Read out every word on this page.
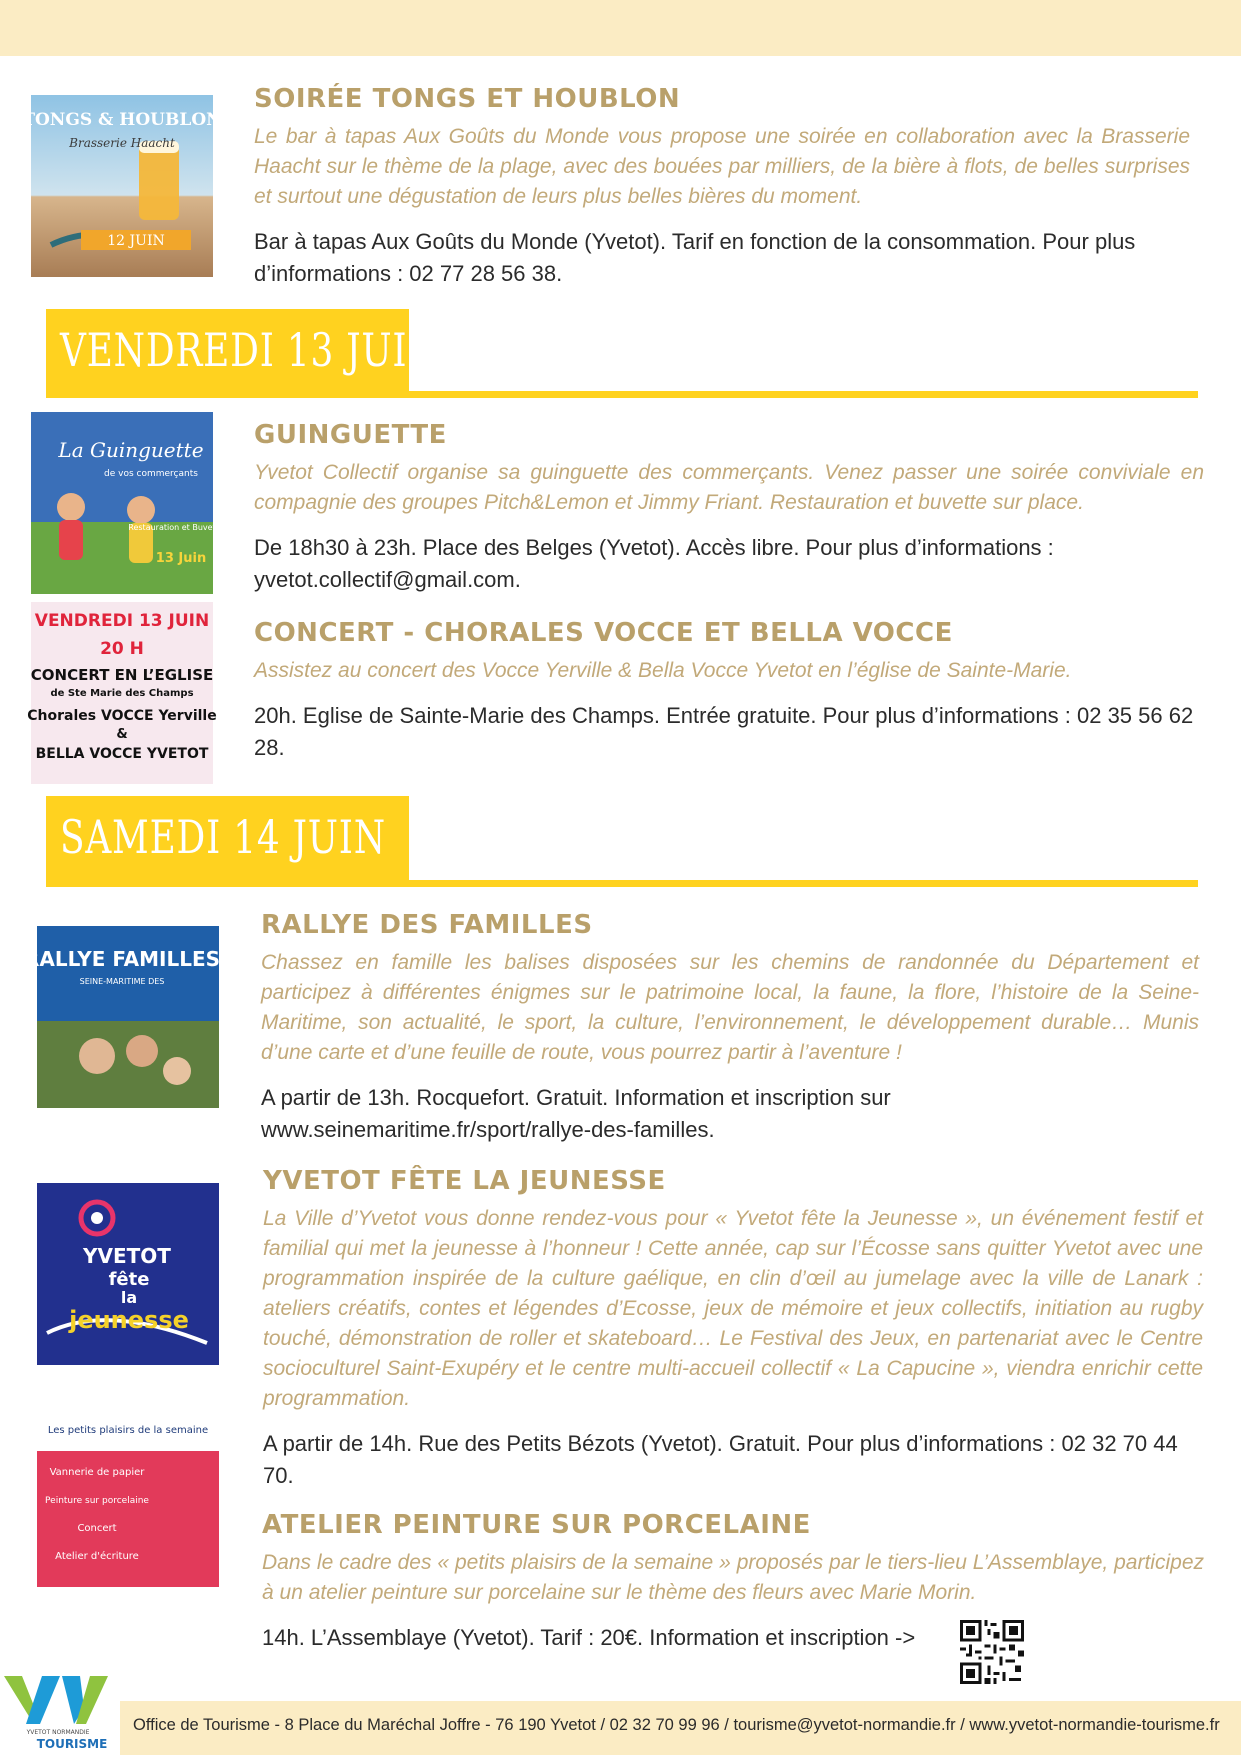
TONGS & HOUBLON
Brasserie Haacht
12 JUIN
SOIRÉE TONGS ET HOUBLON
Le bar à tapas Aux Goûts du Monde vous propose une soirée en collaboration avec la Brasserie Haacht sur le thème de la plage, avec des bouées par milliers, de la bière à flots, de belles surprises et surtout une dégustation de leurs plus belles bières du moment.
Bar à tapas Aux Goûts du Monde (Yvetot). Tarif en fonction de la consommation. Pour plus d’informations : 02 77 28 56 38.
VENDREDI 13 JUIN
La Guinguette
de vos commerçants
Restauration et Buvette
13 Juin
GUINGUETTE
Yvetot Collectif organise sa guinguette des commerçants. Venez passer une soirée conviviale en compagnie des groupes Pitch&Lemon et Jimmy Friant. Restauration et buvette sur place.
De 18h30 à 23h. Place des Belges (Yvetot). Accès libre. Pour plus d’informations : yvetot.collectif@gmail.com.
VENDREDI 13 JUIN
20 H
CONCERT EN L’EGLISE
de Ste Marie des Champs
Chorales VOCCE Yerville
&
BELLA VOCCE YVETOT
CONCERT - CHORALES VOCCE ET BELLA VOCCE
Assistez au concert des Vocce Yerville & Bella Vocce Yvetot en l’église de Sainte-Marie.
20h. Eglise de Sainte-Marie des Champs. Entrée gratuite. Pour plus d’informations : 02 35 56 62 28.
SAMEDI 14 JUIN
RALLYE FAMILLES
SEINE-MARITIME DES
RALLYE DES FAMILLES
Chassez en famille les balises disposées sur les chemins de randonnée du Département et participez à différentes énigmes sur le patrimoine local, la faune, la flore, l’histoire de la Seine-Maritime, son actualité, le sport, la culture, l’environnement, le développement durable… Munis d’une carte et d’une feuille de route, vous pourrez partir à l’aventure !
A partir de 13h. Rocquefort. Gratuit. Information et inscription sur www.seinemaritime.fr/sport/rallye-des-familles.
YVETOT
fête
la
jeunesse
YVETOT FÊTE LA JEUNESSE
La Ville d’Yvetot vous donne rendez-vous pour « Yvetot fête la Jeunesse », un événement festif et familial qui met la jeunesse à l’honneur ! Cette année, cap sur l’Écosse sans quitter Yvetot avec une programmation inspirée de la culture gaélique, en clin d’œil au jumelage avec la ville de Lanark : ateliers créatifs, contes et légendes d’Ecosse, jeux de mémoire et jeux collectifs, initiation au rugby touché, démonstration de roller et skateboard… Le Festival des Jeux, en partenariat avec le Centre socioculturel Saint-Exupéry et le centre multi-accueil collectif « La Capucine », viendra enrichir cette programmation.
A partir de 14h. Rue des Petits Bézots (Yvetot). Gratuit. Pour plus d’informations : 02 32 70 44 70.
Les petits plaisirs de la semaine
Vannerie de papier
Peinture sur porcelaine
Concert
Atelier d'écriture
ATELIER PEINTURE SUR PORCELAINE
Dans le cadre des « petits plaisirs de la semaine » proposés par le tiers-lieu L’Assemblaye, participez à un atelier peinture sur porcelaine sur le thème des fleurs avec Marie Morin.
14h. L’Assemblaye (Yvetot). Tarif : 20€. Information et inscription ->
YVETOT NORMANDIE
TOURISME
Office de Tourisme - 8 Place du Maréchal Joffre - 76 190 Yvetot / 02 32 70 99 96 / tourisme@yvetot-normandie.fr / www.yvetot-normandie-tourisme.fr
